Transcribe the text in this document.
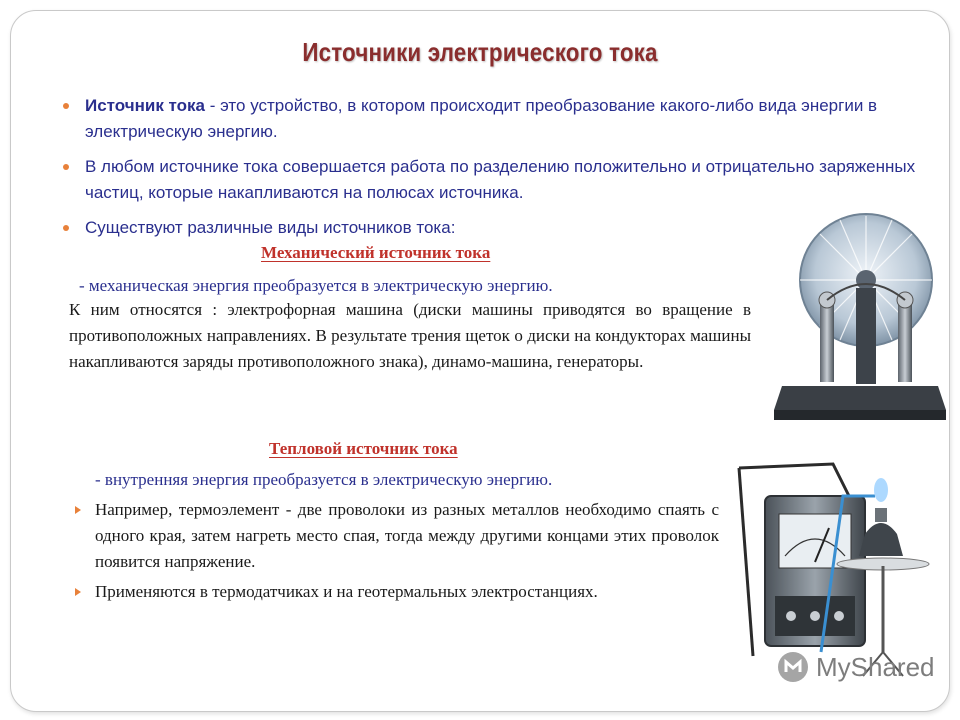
Источники электрического тока
Источник тока - это устройство, в котором происходит преобразование какого-либо вида энергии в электрическую энергию.
В любом источнике тока совершается работа по разделению положительно и отрицательно заряженных частиц, которые накапливаются на полюсах источника.
Существуют различные виды источников тока:
Механический источник тока
- механическая энергия преобразуется в электрическую энергию.
К ним относятся : электрофорная машина (диски машины приводятся во вращение в противоположных направлениях. В результате трения щеток о диски на кондукторах машины накапливаются заряды противоположного знака), динамо-машина, генераторы.
Тепловой источник тока
- внутренняя энергия преобразуется в электрическую энергию.
Например, термоэлемент - две проволоки из разных металлов необходимо спаять с одного края, затем нагреть место спая, тогда между другими концами этих проволок появится напряжение.
Применяются в термодатчиках и на геотермальных электростанциях.
MyShared
